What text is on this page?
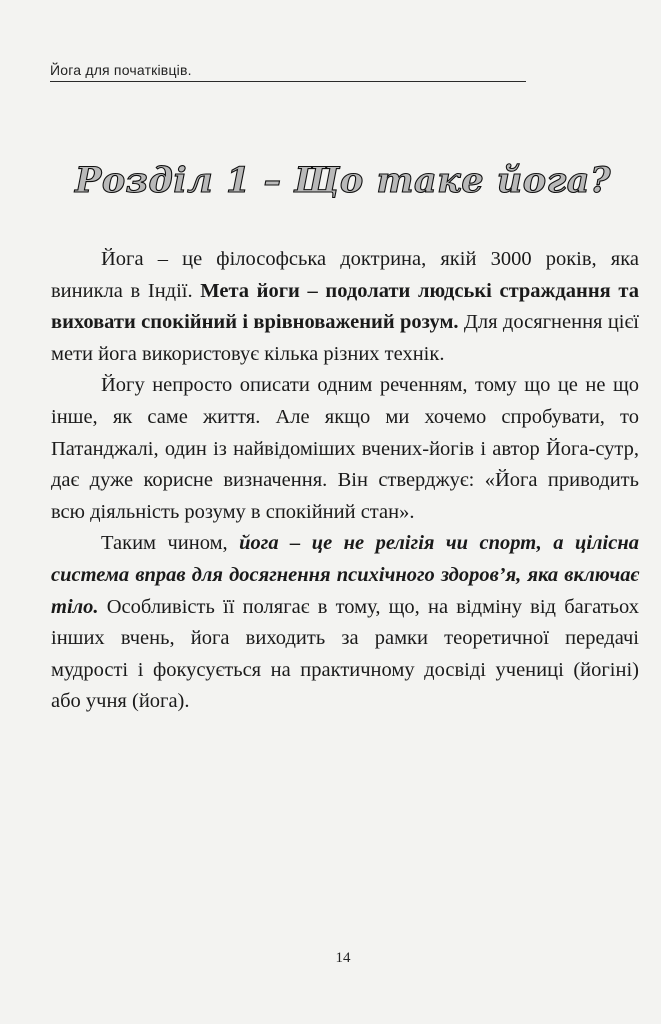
Йога для початківців.
Розділ 1 – Що таке йога?

Йога – це філософська доктрина, якій 3000 років, яка виникла в Індії. Мета йоги – подолати людські страждання та виховати спокійний і врівноважений розум. Для досягнення цієї мети йога використовує кілька різних технік.

Йогу непросто описати одним реченням, тому що це не що інше, як саме життя. Але якщо ми хочемо спробувати, то Патанджалі, один із найвідоміших вчених-йогів і автор Йога-сутр, дає дуже корисне визначення. Він стверджує: «Йога приводить всю діяльність розуму в спокійний стан».

Таким чином, йога – це не релігія чи спорт, а цілісна система вправ для досягнення психічного здоров’я, яка включає тіло. Особливість її полягає в тому, що, на відміну від багатьох інших вчень, йога виходить за рамки теоретичної передачі мудрості і фокусується на практичному досвіді учениці (йогіні) або учня (йога).

14
